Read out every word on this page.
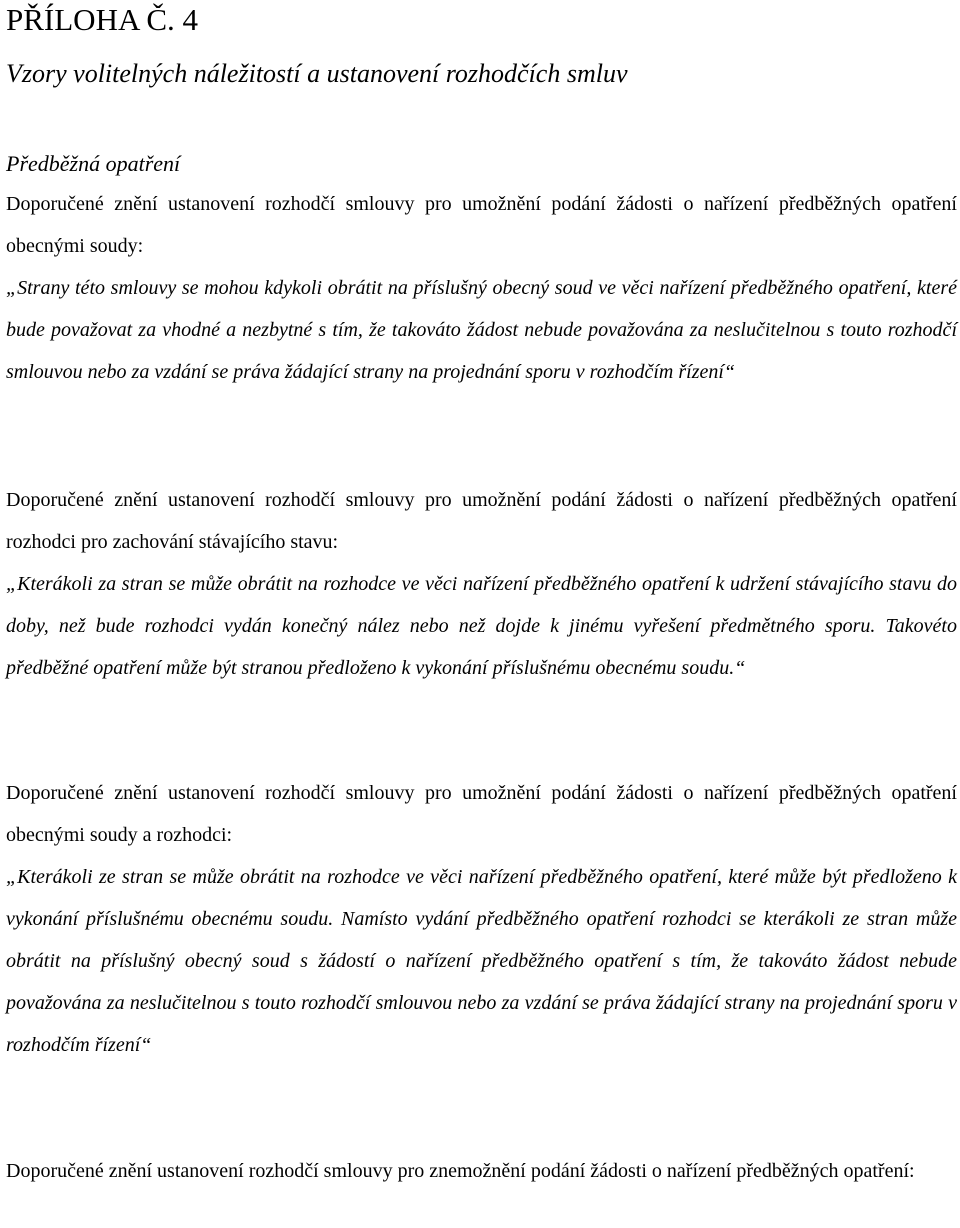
PŘÍLOHA Č. 4
Vzory volitelných náležitostí a ustanovení rozhodčích smluv
Předběžná opatření

Doporučené znění ustanovení rozhodčí smlouvy pro umožnění podání žádosti o nařízení předběžných opatření obecnými soudy:

„Strany této smlouvy se mohou kdykoli obrátit na příslušný obecný soud ve věci nařízení předběžného opatření, které bude považovat za vhodné a nezbytné s tím, že takováto žádost nebude považována za neslučitelnou s touto rozhodčí smlouvou nebo za vzdání se práva žádající strany na projednání sporu v rozhodčím řízení“

Doporučené znění ustanovení rozhodčí smlouvy pro umožnění podání žádosti o nařízení předběžných opatření rozhodci pro zachování stávajícího stavu:

„Kterákoli za stran se může obrátit na rozhodce ve věci nařízení předběžného opatření k udržení stávajícího stavu do doby, než bude rozhodci vydán konečný nález nebo než dojde k jinému vyřešení předmětného sporu. Takovéto předběžné opatření může být stranou předloženo k vykonání příslušnému obecnému soudu.“

Doporučené znění ustanovení rozhodčí smlouvy pro umožnění podání žádosti o nařízení předběžných opatření obecnými soudy a rozhodci:

„Kterákoli ze stran se může obrátit na rozhodce ve věci nařízení předběžného opatření, které může být předloženo k vykonání příslušnému obecnému soudu. Namísto vydání předběžného opatření rozhodci se kterákoli ze stran může obrátit na příslušný obecný soud s žádostí o nařízení předběžného opatření s tím, že takováto žádost nebude považována za neslučitelnou s touto rozhodčí smlouvou nebo za vzdání se práva žádající strany na projednání sporu v rozhodčím řízení“

Doporučené znění ustanovení rozhodčí smlouvy pro znemožnění podání žádosti o nařízení předběžných opatření:
